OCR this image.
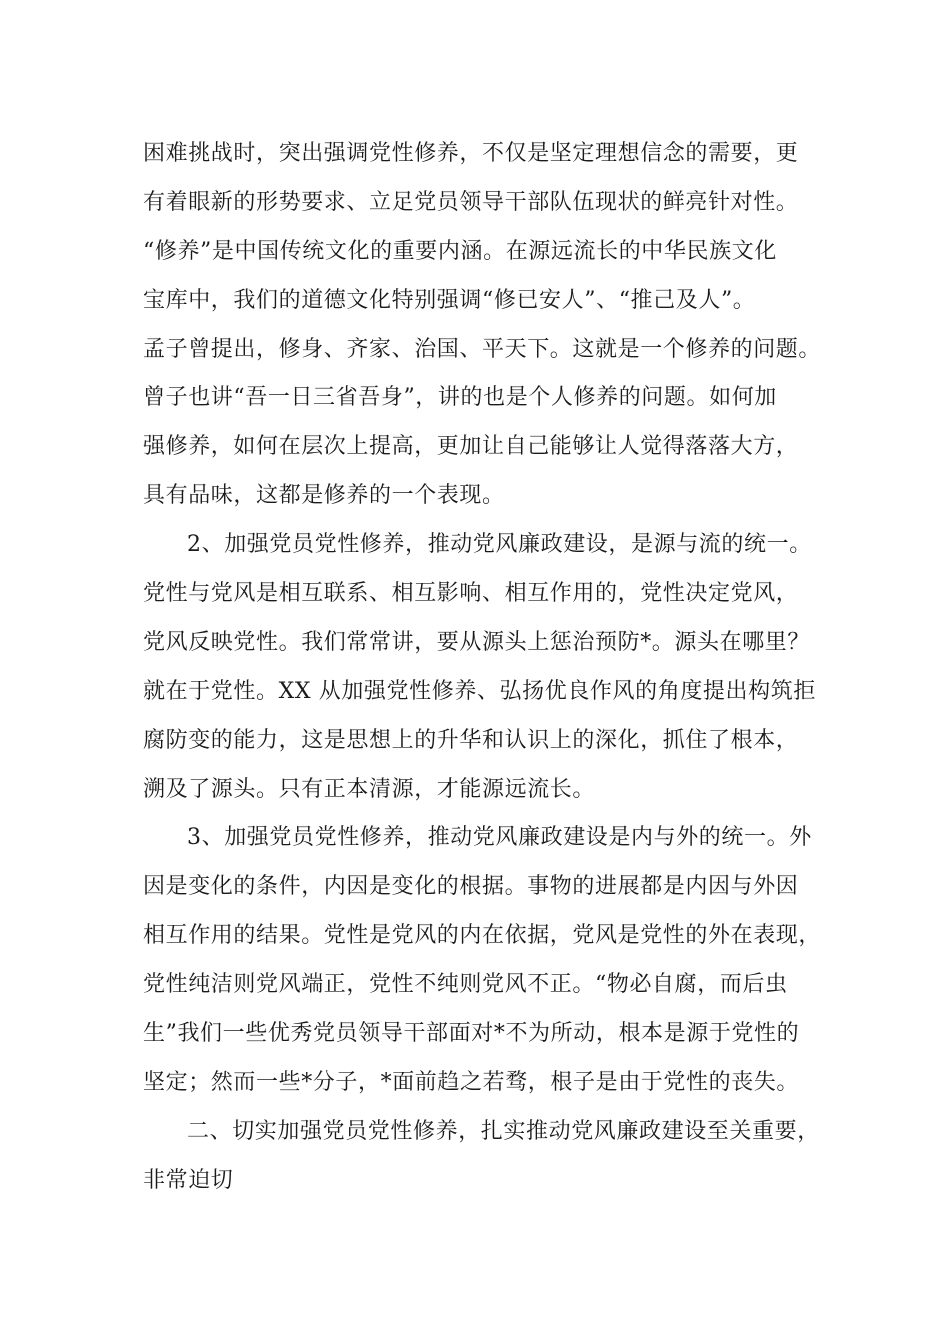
困难挑战时，突出强调党性修养，不仅是坚定理想信念的需要，更
有着眼新的形势要求、立足党员领导干部队伍现状的鲜亮针对性。
“修养”是中国传统文化的重要内涵。在源远流长的中华民族文化
宝库中，我们的道德文化特别强调“修已安人”、“推己及人”。
孟子曾提出，修身、齐家、治国、平天下。这就是一个修养的问题。
曾子也讲“吾一日三省吾身”，讲的也是个人修养的问题。如何加
强修养，如何在层次上提高，更加让自己能够让人觉得落落大方，
具有品味，这都是修养的一个表现。
2、加强党员党性修养，推动党风廉政建设，是源与流的统一。
党性与党风是相互联系、相互影响、相互作用的，党性决定党风，
党风反映党性。我们常常讲，要从源头上惩治预防*。源头在哪里？
就在于党性。XX 从加强党性修养、弘扬优良作风的角度提出构筑拒
腐防变的能力，这是思想上的升华和认识上的深化，抓住了根本，
溯及了源头。只有正本清源，才能源远流长。
3、加强党员党性修养，推动党风廉政建设是内与外的统一。外
因是变化的条件，内因是变化的根据。事物的进展都是内因与外因
相互作用的结果。党性是党风的内在依据，党风是党性的外在表现，
党性纯洁则党风端正，党性不纯则党风不正。“物必自腐，而后虫
生”我们一些优秀党员领导干部面对*不为所动，根本是源于党性的
坚定；然而一些*分子，*面前趋之若骛，根子是由于党性的丧失。
二、切实加强党员党性修养，扎实推动党风廉政建设至关重要，
非常迫切
